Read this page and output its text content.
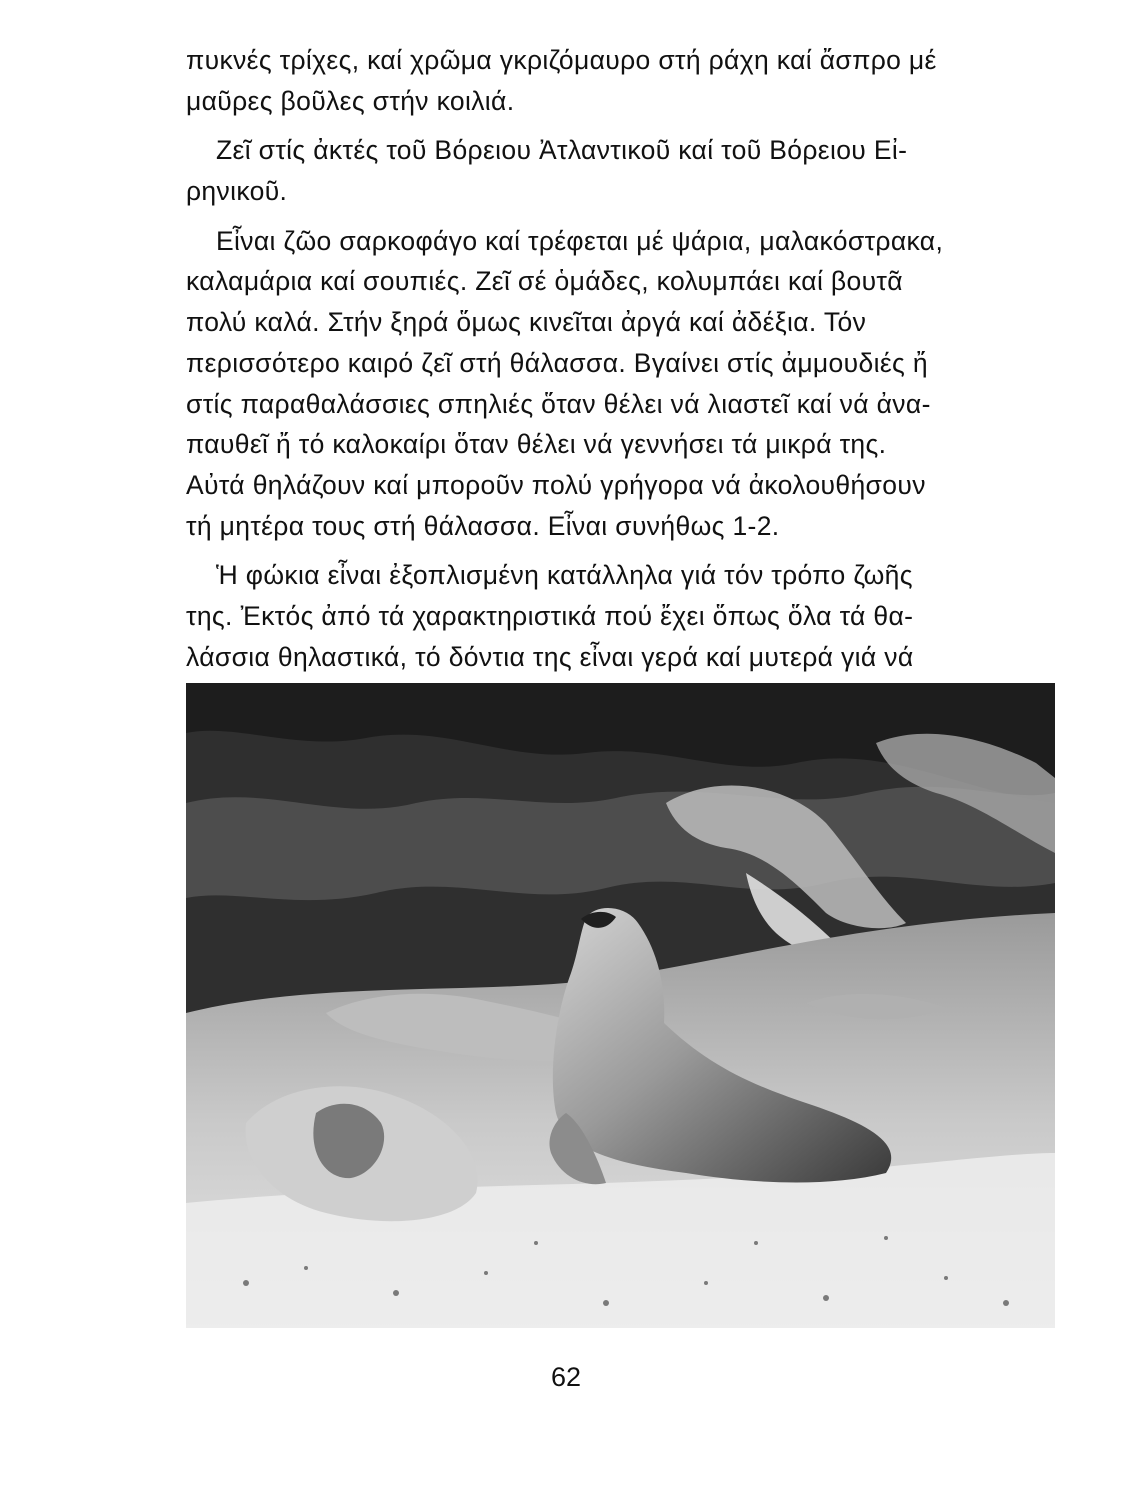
πυκνές τρίχες, καί χρῶμα γκριζόμαυρο στή ράχη καί ἄσπρο μέ
μαῦρες βοῦλες στήν κοιλιά.
Ζεῖ στίς ἀκτές τοῦ Βόρειου Ἀτλαντικοῦ καί τοῦ Βόρειου Εἰ-
ρηνικοῦ.
Εἶναι ζῶο σαρκοφάγο καί τρέφεται μέ ψάρια, μαλακόστρακα,
καλαμάρια καί σουπιές. Ζεῖ σέ ὁμάδες, κολυμπάει καί βουτᾶ
πολύ καλά. Στήν ξηρά ὅμως κινεῖται ἀργά καί ἀδέξια. Τόν
περισσότερο καιρό ζεῖ στή θάλασσα. Βγαίνει στίς ἀμμουδιές ἤ
στίς παραθαλάσσιες σπηλιές ὅταν θέλει νά λιαστεῖ καί νά ἀνα-
παυθεῖ ἤ τό καλοκαίρι ὅταν θέλει νά γεννήσει τά μικρά της.
Αὐτά θηλάζουν καί μποροῦν πολύ γρήγορα νά ἀκολουθήσουν
τή μητέρα τους στή θάλασσα. Εἶναι συνήθως 1-2.
Ἡ φώκια εἶναι ἐξοπλισμένη κατάλληλα γιά τόν τρόπο ζωῆς
της. Ἐκτός ἀπό τά χαρακτηριστικά πού ἔχει ὅπως ὅλα τά θα-
λάσσια θηλαστικά, τό δόντια της εἶναι γερά καί μυτερά γιά νά
62
